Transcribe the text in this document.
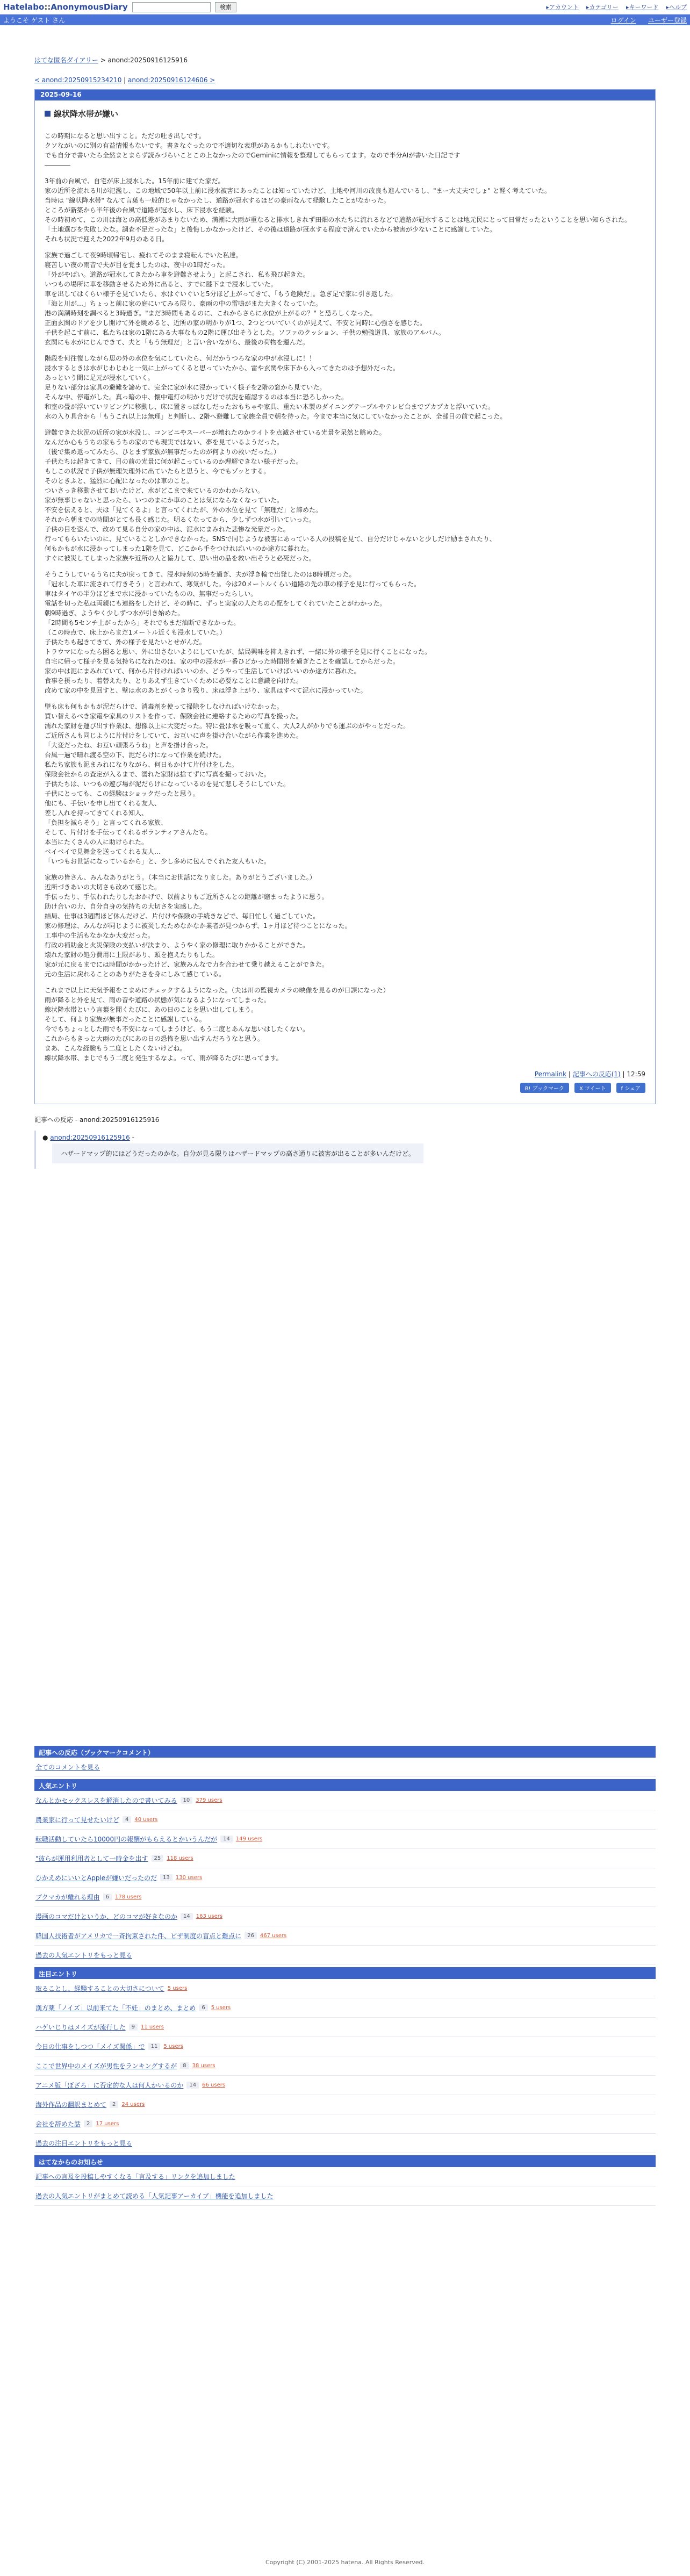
Hatelabo::AnonymousDiary	検索	▸アカウント ▸カテゴリー ▸キーワード ▸ヘルプ
ようこそ ゲスト さん	ログイン ユーザー登録
はてな匿名ダイアリー > anond:20250916125916
< anond:20250915234210 | anond:20250916124606 >
2025-09-16
線状降水帯が嫌い

この時期になると思い出すこと。ただの吐き出しです。
クソながいのに別の有益情報もないです。書きなぐったので不適切な表現があるかもしれないです。
でも自分で書いたら全然まとまらず読みづらいことこの上なかったのでGeminiに情報を整理してもらってます。なので半分AIが書いた日記です
――――

3年前の台風で、自宅が床上浸水した。15年前に建てた家だ。
家の近所を流れる川が氾濫し、この地域で50年以上前に浸水被害にあったことは知っていたけど、土地や河川の改良も進んでいるし、"まー大丈夫でしょ" と軽く考えていた。
当時は "線状降水帯" なんて言葉も一般的じゃなかったし、道路が冠水するほどの豪雨なんて経験したことがなかった。
ところが新築から半年後の台風で道路が冠水し、床下浸水を経験。
その時初めて、この川は海との高低差があまりないため、満潮に大雨が重なると排水しきれず田畑の水たちに流れるなどで道路が冠水することは地元民にとって日常だったということを思い知らされた。
「土地選びを失敗したな。調査不足だったな」と後悔しかなかったけど、その後は道路が冠水する程度で済んでいたから被害が少ないことに感謝していた。
それも状況で迎えた2022年9月のある日。

家族で過ごして夜9時頃帰宅し、疲れてそのまま寝転んでいた私達。
寝苦しい夜の雨音で夫が目を覚ましたのは、夜中の1時だった。
「外がやばい。道路が冠水してきたから車を避難させよう」と起こされ、私も飛び起きた。
いつもの場所に車を移動させるため外に出ると、すでに膝下まで浸水していた。
車を出してはくらい様子を見ていたら、水はぐいぐいと5分ほど上がってきて、「もう危険だ」。急ぎ足で家に引き返した。
「海と川が…」ちょっと前に家の庭にいてみる限り、豪雨の中の雷鳴がまた大きくなっていた。
港の満潮時刻を調べると3時過ぎ。"まだ3時間もあるのに、これからさらに水位が上がるの？" と恐ろしくなった。
正面玄関のドアを少し開けて外を眺めると、近所の家の明かりが1つ、2つとついていくのが見えて、不安と同時に心強さを感じた。
子供を起こす前に、私たちは家の1階にある大事なもの2階に運び出そうとした。ソファのクッション、子供の勉強道具、家族のアルバム。
玄関にも水がにじんできて、夫と「もう無理だ」と言い合いながら、最後の荷物を運んだ。

階段を何往復しながら思の外の水位を気にしていたら、何だかうつろな家の中が水浸しに！！
浸水するときは水がじわじわと一気に上がってくると思っていたから、雷や玄関や床下から入ってきたのは予想外だった。
あっという間に足元が浸水していく。
足りない部分は家具の避難を諦めて、完全に家が水に浸かっていく様子を2階の窓から見ていた。
そんな中、停電がした。真っ暗の中、懐中電灯の明かりだけで状況を確認するのは本当に恐ろしかった。
和室の畳が浮いていリビングに移動し、床に置きっぱなしだったおもちゃや家具、重たい木製のダイニングテーブルやテレビ台までプカプカと浮いていた。
水の入り具合から「もうこれ以上は無理」と判断し、2階へ避難して家族全員で朝を待った。今まで本当に気にしていなかったことが、全部目の前で起こった。

避難できた状況の近所の家が水没し、コンビニやスーパーが壊れたのかライトを点滅させている光景を呆然と眺めた。
なんだか心もうちの家もうちの家のでも現実ではない、夢を見ているようだった。
（後で集め返ってみたら、ひとまず家族が無事だったのが何よりの救いだった。）
子供たちは起きてきて、目の前の光景に何が起こっているのか理解できない様子だった。
もしこの状況で子供が無理矢理外に出ていたらと思うと、今でもゾッとする。
そのときふと、猛烈に心配になったのは車のこと。
ついさっき移動させておいたけど、水がどこまで来ているのかわからない。
家が無事じゃないと思ったら、いつのまにか車のことは気にならなくなっていた。
不安を伝えると、夫は「見てくるよ」と言ってくれたが、外の水位を見て「無理だ」と諦めた。
それから朝までの時間がとても長く感じた。明るくなってから、少しずつ水が引いていった。
子供の目を盗んで、改めて見る自分の家の中は、泥水にまみれた悲惨な光景だった。
行ってもらいたいのに、見ていることしかできなかった。SNSで同じような被害にあっている人の投稿を見て、自分だけじゃないと少しだけ励まされたり、
何もかもが水に浸かってしまった1階を見て、どこから手をつければいいのか途方に暮れた。
すぐに被災してしまった家族や近所の人と協力して、思い出の品を救い出そうと必死だった。

そうこうしているうちに夫が戻ってきて、浸水時刻の5時を過ぎ、夫が浮き輪で出発したのは8時頃だった。
「冠水した車に流されて行きそう」と言われて、寒気がした。今は20メートルくらい道路の先の車の様子を見に行ってもらった。
車はタイヤの半分ほどまで水に浸かっていたものの、無事だったらしい。
電話を切った私は両親にも連絡をしたけど、その時に、ずっと実家の人たちの心配をしてくれていたことがわかった。
朝9時過ぎ、ようやく少しずつ水が引き始めた。
「2時間も5センチ上がったから」それでもまだ油断できなかった。
（この時点で、床上からまだ1メートル近くも浸水していた。）
子供たちも起きてきて、外の様子を見たいとせがんだ。
トラウマになったら困ると思い、外に出さないようにしていたが、結局興味を抑えきれず、一緒に外の様子を見に行くことになった。
自宅に帰って様子を見る気持ちになれたのは、家の中の浸水が一番ひどかった時間帯を過ぎたことを確認してからだった。
家の中は泥にまみれていて、何から片付ければいいのか、どうやって生活していけばいいのか途方に暮れた。
食事を摂ったり、着替えたり、とりあえず生きていくために必要なことに意識を向けた。
改めて家の中を見回すと、壁は水のあとがくっきり残り、床は浮き上がり、家具はすべて泥水に浸かっていた。

壁も床も何もかもが泥だらけで、消毒剤を使って掃除をしなければいけなかった。
買い替えるべき家電や家具のリストを作って、保険会社に連絡するための写真を撮った。
濡れた家財を運び出す作業は、想像以上に大変だった。特に畳は水を吸って重く、大人2人がかりでも運ぶのがやっとだった。
ご近所さんも同じように片付けをしていて、お互いに声を掛け合いながら作業を進めた。
「大変だったね、お互い頑張ろうね」と声を掛け合った。
台風一過で晴れ渡る空の下、泥だらけになって作業を続けた。
私たち家族も泥まみれになりながら、何日もかけて片付けをした。
保険会社からの査定が入るまで、濡れた家財は捨てずに写真を撮っておいた。
子供たちは、いつもの遊び場が泥だらけになっているのを見て悲しそうにしていた。
子供にとっても、この経験はショックだったと思う。
他にも、手伝いを申し出てくれる友人、
差し入れを持ってきてくれる知人、
「負担を減らそう」と言ってくれる家族、
そして、片付けを手伝ってくれるボランティアさんたち。
本当にたくさんの人に助けられた。
ベイベイで見舞金を送ってくれる友人…
「いつもお世話になっているから」と、少し多めに包んでくれた友人もいた。

家族の皆さん、みんなありがとう。（本当にお世話になりました。ありがとうございました。）
近所づきあいの大切さも改めて感じた。
手伝ったり、手伝われたりしたおかげで、以前よりもご近所さんとの距離が縮まったように思う。
助け合いの力、自分自身の気持ちの大切さを実感した。
結局、仕事は3週間ほど休んだけど、片付けや保険の手続きなどで、毎日忙しく過ごしていた。
家の修理は、みんなが同じように被災したためなかなか業者が見つからず、1ヶ月ほど待つことになった。
工事中の生活もなかなか大変だった。
行政の補助金と火災保険の支払いが決まり、ようやく家の修理に取りかかることができた。
壊れた家財の処分費用に上限があり、頭を抱えたりもした。
家が元に戻るまでには時間がかかったけど、家族みんなで力を合わせて乗り越えることができた。
元の生活に戻れることのありがたさを身にしみて感じている。

これまで以上に天気予報をこまめにチェックするようになった。（夫は川の監視カメラの映像を見るのが日課になった）
雨が降ると外を見て、雨の音や道路の状態が気になるようになってしまった。
線状降水帯という言葉を聞くたびに、あの日のことを思い出してしまう。
そして、何より家族が無事だったことに感謝している。
今でもちょっとした雨でも不安になってしまうけど、もう二度とあんな思いはしたくない。
これからもきっと大雨のたびにあの日の恐怖を思い出すんだろうなと思う。
まあ、こんな経験もう二度としたくないけどね。
線状降水帯、まじでもう二度と発生するなよ。って、雨が降るたびに思ってます。

Permalink | 記事への反応(1) | 12:59
B! ブックマーク	X ツイート	f シェア
記事への反応 - anond:20250916125916
● anond:20250916125916 -
ハザードマップ的にはどうだったのかな。自分が見る限りはハザードマップの高さ通りに被害が出ることが多いんだけど。
記事への反応（ブックマークコメント）
全てのコメントを見る
人気エントリ
なんとかセックスレスを解消したので書いてみる	10	379 users
農業家に行って見せたいけど	4	40 users
転職活動していたら10000円の報酬がもらえるとかいうんだが	14	149 users
"彼らが運用利用者として一時金を出す	25	118 users
ひかえめにいいとAppleが嫌いだったのだ	13	130 users
ブクマカが離れる理由	6	178 users
漫画のコマだけというか、どのコマが好きなのか	14	163 users
韓国人技術者がアメリカで一斉拘束された件、ビザ制度の盲点と難点に	26	467 users
過去の人気エントリをもっと見る
注目エントリ
取ることし、経験することの大切さについて 5 users
漢方薬「ノイズ」以前来てた「不妊」のまとめ、まとめ	6	5 users
ハゲいじりはメイズが流行した	9	11 users
今日の仕事をしつつ「メイズ関係」で	11	5 users
ここで世界中のメイズが男性をランキングするが	8	38 users
アニメ版「ぼざろ」に否定的な人は何人かいるのか	14	66 users
海外作品の翻訳まとめて	2	24 users
会社を辞めた話	2	17 users
過去の注目エントリをもっと見る
はてなからのお知らせ
記事への言及を投稿しやすくなる「言及する」リンクを追加しました
過去の人気エントリがまとめて読める「人気記事アーカイブ」機能を追加しました
Copyright (C) 2001-2025 hatena. All Rights Reserved.
